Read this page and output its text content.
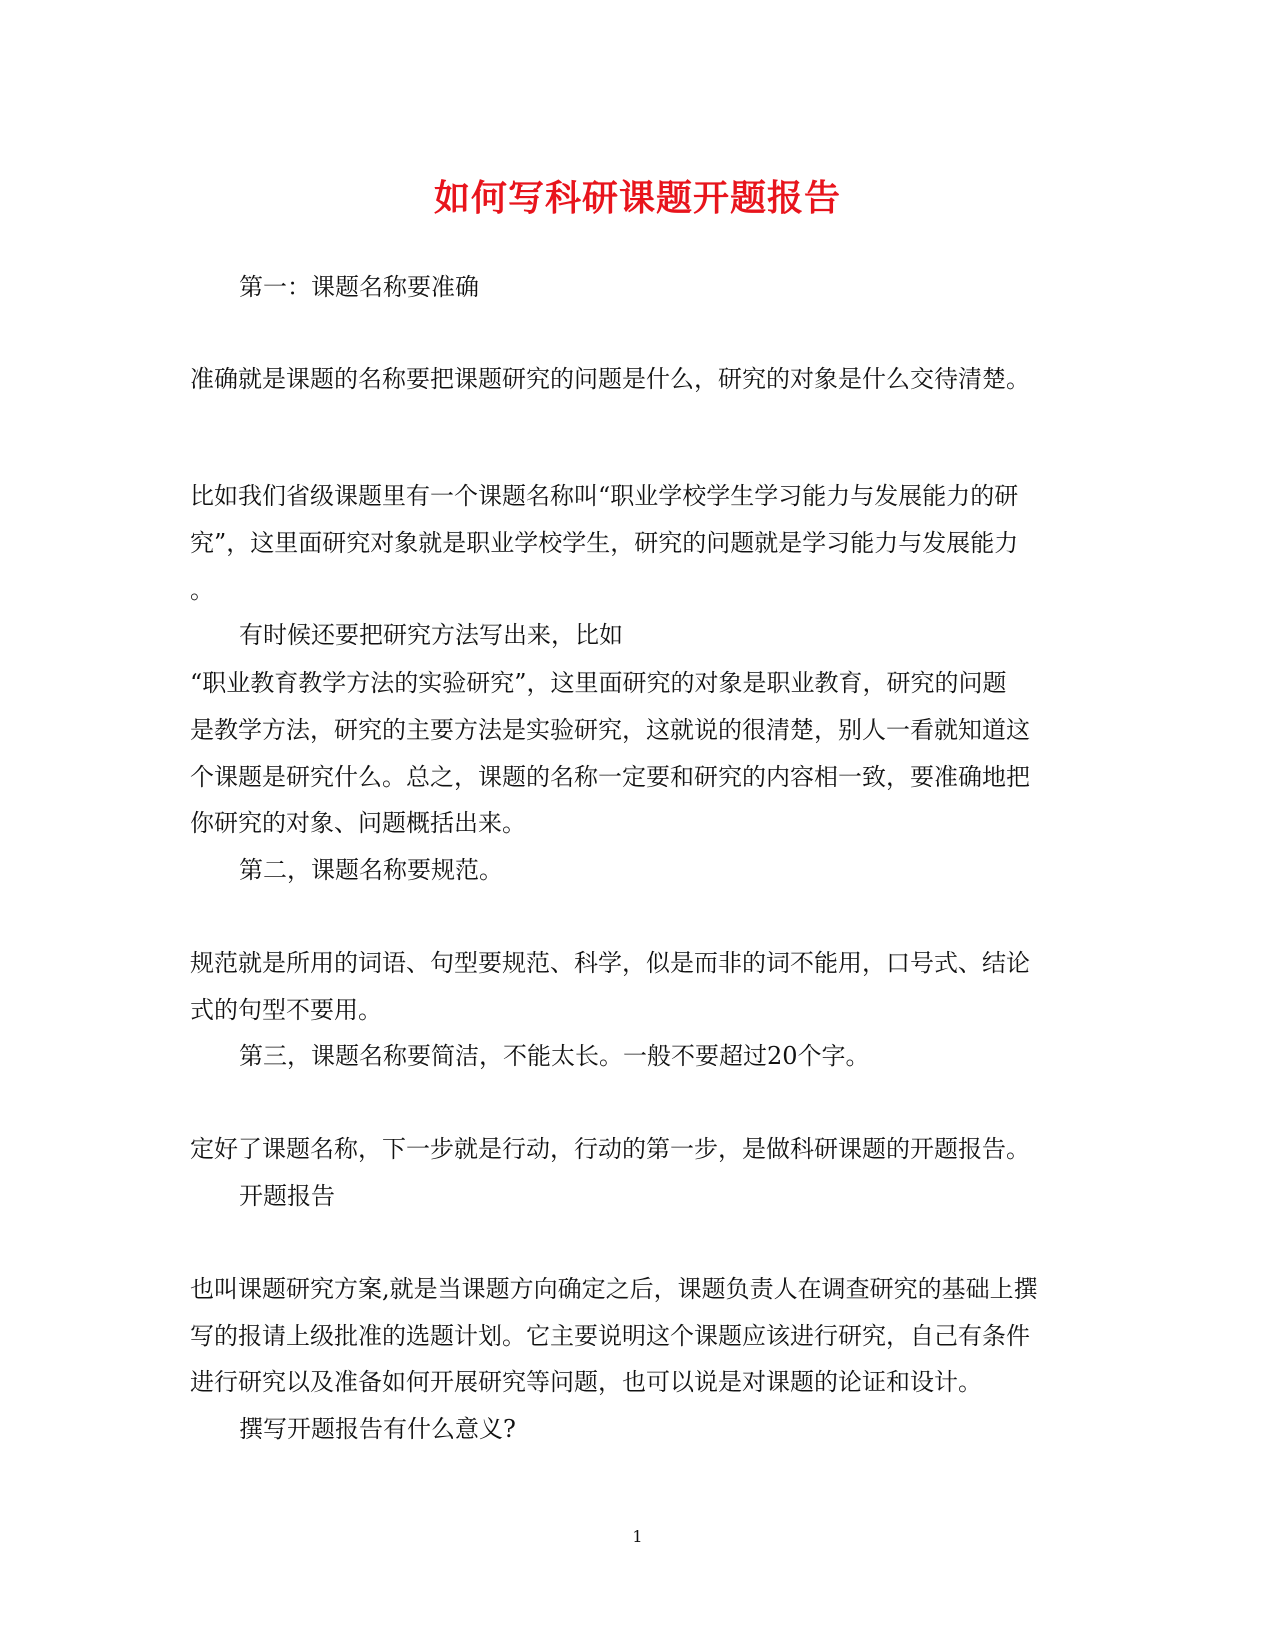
如何写科研课题开题报告

第一：课题名称要准确

准确就是课题的名称要把课题研究的问题是什么，研究的对象是什么交待清楚。

比如我们省级课题里有一个课题名称叫“职业学校学生学习能力与发展能力的研

究”，这里面研究对象就是职业学校学生，研究的问题就是学习能力与发展能力

。

有时候还要把研究方法写出来，比如

“职业教育教学方法的实验研究”，这里面研究的对象是职业教育，研究的问题

是教学方法，研究的主要方法是实验研究，这就说的很清楚，别人一看就知道这

个课题是研究什么。总之，课题的名称一定要和研究的内容相一致，要准确地把

你研究的对象、问题概括出来。

第二，课题名称要规范。

规范就是所用的词语、句型要规范、科学，似是而非的词不能用，口号式、结论

式的句型不要用。

第三，课题名称要简洁，不能太长。一般不要超过20个字。

定好了课题名称，下一步就是行动，行动的第一步，是做科研课题的开题报告。

开题报告

也叫课题研究方案,就是当课题方向确定之后，课题负责人在调查研究的基础上撰

写的报请上级批准的选题计划。它主要说明这个课题应该进行研究，自己有条件

进行研究以及准备如何开展研究等问题，也可以说是对课题的论证和设计。

撰写开题报告有什么意义?

1
